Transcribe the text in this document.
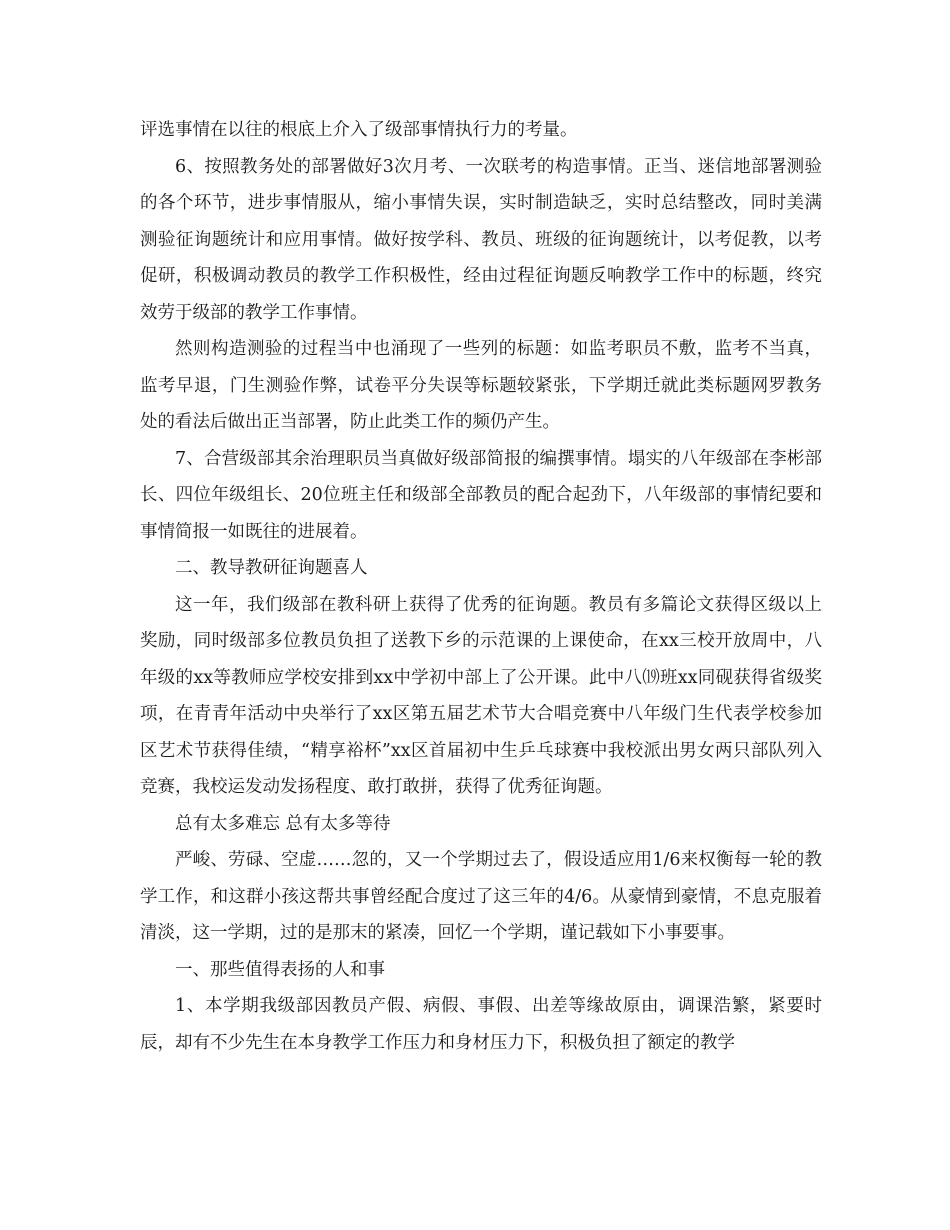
评选事情在以往的根底上介入了级部事情执行力的考量。

6、按照教务处的部署做好3次月考、一次联考的构造事情。正当、迷信地部署测验的各个环节，进步事情服从，缩小事情失误，实时制造缺乏，实时总结整改，同时美满测验征询题统计和应用事情。做好按学科、教员、班级的征询题统计，以考促教，以考促研，积极调动教员的教学工作积极性，经由过程征询题反响教学工作中的标题，终究效劳于级部的教学工作事情。

然则构造测验的过程当中也涌现了一些列的标题：如监考职员不敷，监考不当真，监考早退，门生测验作弊，试卷平分失误等标题较紧张，下学期迁就此类标题网罗教务处的看法后做出正当部署，防止此类工作的频仍产生。

7、合营级部其余治理职员当真做好级部简报的编撰事情。塌实的八年级部在李彬部长、四位年级组长、20位班主任和级部全部教员的配合起劲下，八年级部的事情纪要和事情简报一如既往的进展着。

二、教导教研征询题喜人

这一年，我们级部在教科研上获得了优秀的征询题。教员有多篇论文获得区级以上奖励，同时级部多位教员负担了送教下乡的示范课的上课使命，在xx三校开放周中，八年级的xx等教师应学校安排到xx中学初中部上了公开课。此中八⒆班xx同砚获得省级奖项，在青青年活动中央举行了xx区第五届艺术节大合唱竞赛中八年级门生代表学校参加区艺术节获得佳绩，“精享裕杯”xx区首届初中生乒乓球赛中我校派出男女两只部队列入竞赛，我校运发动发扬程度、敢打敢拼，获得了优秀征询题。

总有太多难忘 总有太多等待

严峻、劳碌、空虚……忽的，又一个学期过去了，假设适应用1/6来权衡每一轮的教学工作，和这群小孩这帮共事曾经配合度过了这三年的4/6。从豪情到豪情，不息克服着清淡，这一学期，过的是那末的紧凑，回忆一个学期，谨记载如下小事要事。

一、那些值得表扬的人和事

1、本学期我级部因教员产假、病假、事假、出差等缘故原由，调课浩繁，紧要时辰，却有不少先生在本身教学工作压力和身材压力下，积极负担了额定的教学
